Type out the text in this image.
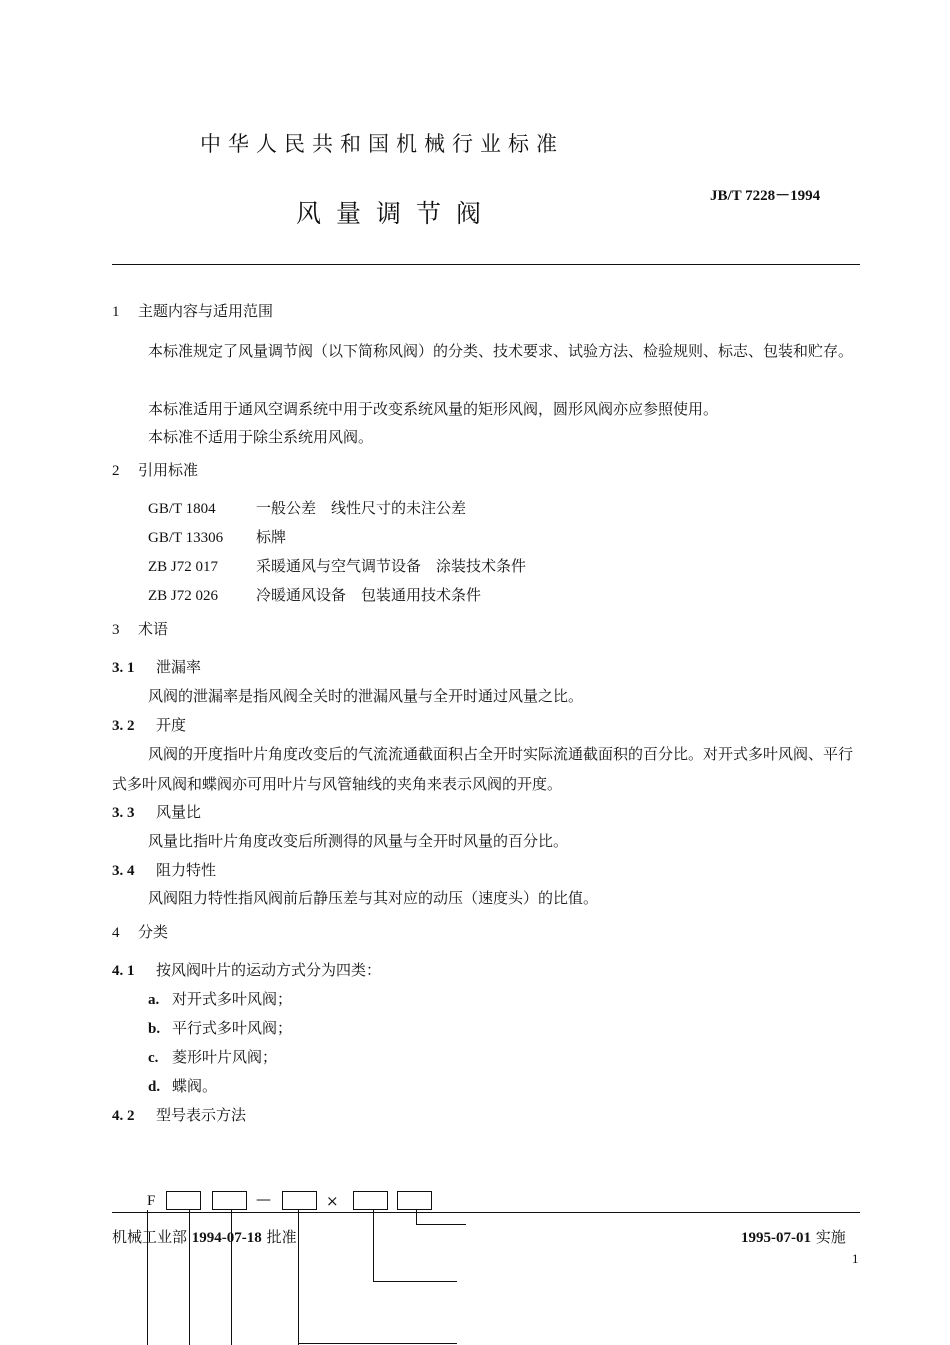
中华人民共和国机械行业标准
风量调节阀
JB/T 7228－1994
1 主题内容与适用范围
本标准规定了风量调节阀（以下简称风阀）的分类、技术要求、试验方法、检验规则、标志、包装和贮存。
本标准适用于通风空调系统中用于改变系统风量的矩形风阀，圆形风阀亦应参照使用。
本标准不适用于除尘系统用风阀。
2 引用标准
GB/T 1804	一般公差　线性尺寸的未注公差
GB/T 13306 标牌
ZB J72 017	采暖通风与空气调节设备　涂装技术条件
ZB J72 026	冷暖通风设备　包装通用技术条件
3 术语
3. 1 泄漏率
风阀的泄漏率是指风阀全关时的泄漏风量与全开时通过风量之比。
3. 2 开度
风阀的开度指叶片角度改变后的气流流通截面积占全开时实际流通截面积的百分比。对开式多叶风阀、平行式多叶风阀和蝶阀亦可用叶片与风管轴线的夹角来表示风阀的开度。
3. 3 风量比
风量比指叶片角度改变后所测得的风量与全开时风量的百分比。
3. 4 阻力特性
风阀阻力特性指风阀前后静压差与其对应的动压（速度头）的比值。
4 分类
4. 1 按风阀叶片的运动方式分为四类：
a. 对开式多叶风阀；
b. 平行式多叶风阀；
c. 菱形叶片风阀；
d. 蝶阀。
4. 2 型号表示方法
F	—	×
机械工业部 1994-07-18 批准	1995-07-01 实施
1
